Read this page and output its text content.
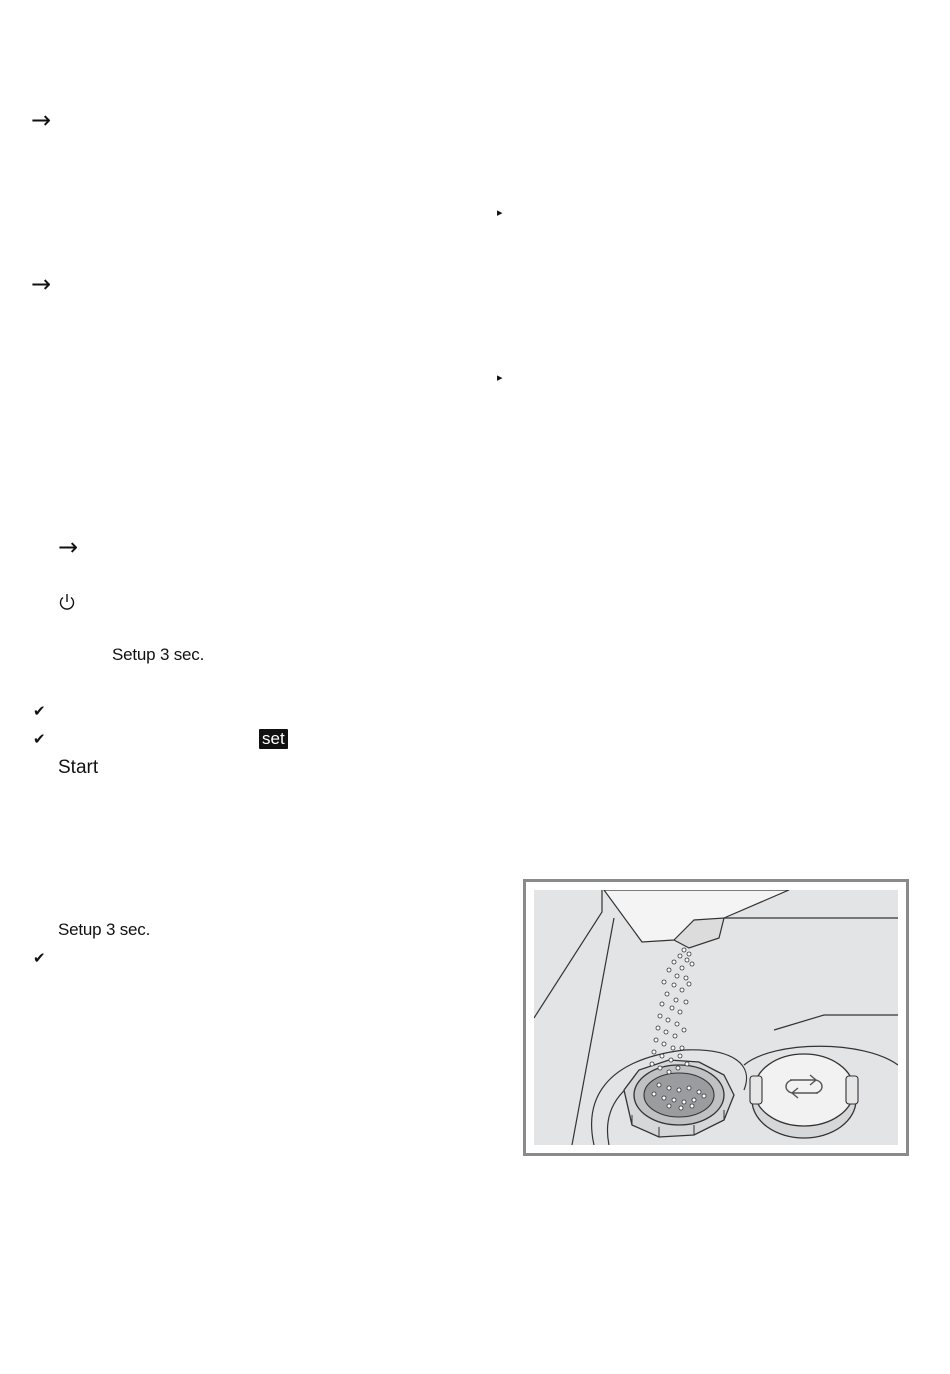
→
→
→
▸
▸
Setup 3 sec.
✔
✔	set
Start
Setup 3 sec.
✔
